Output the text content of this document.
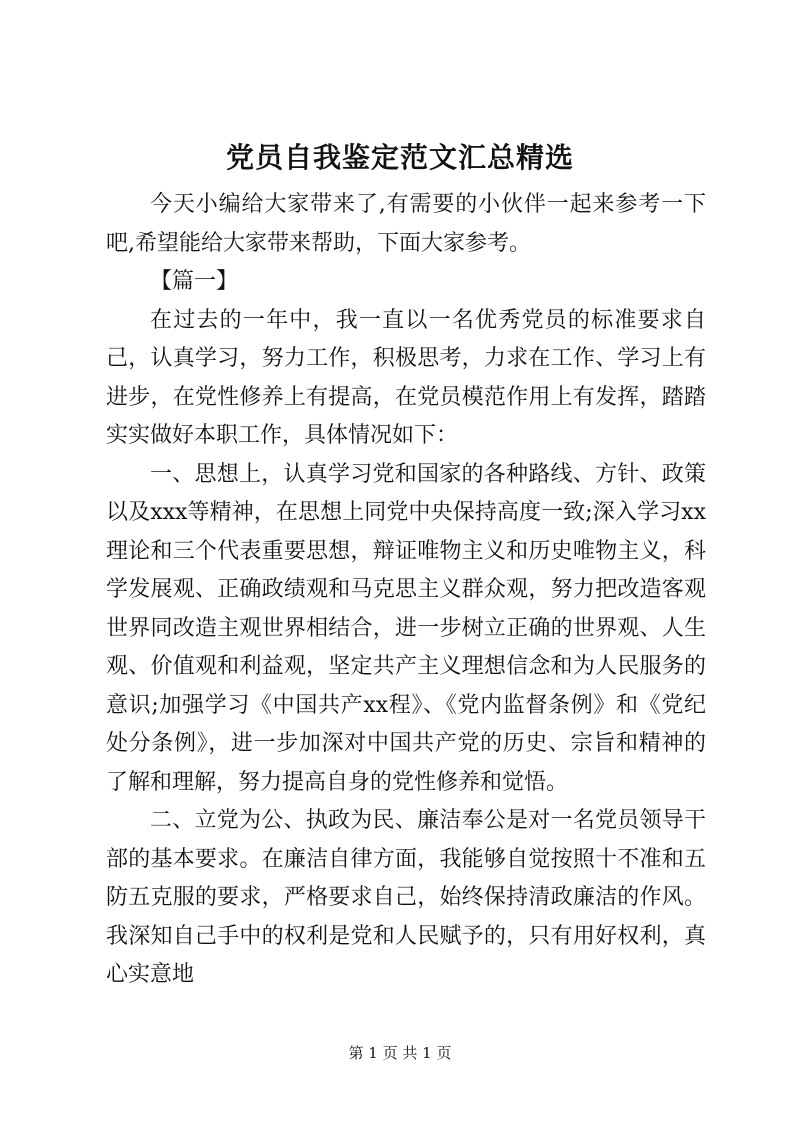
党员自我鉴定范文汇总精选

今天小编给大家带来了,有需要的小伙伴一起来参考一下吧,希望能给大家带来帮助，下面大家参考。

【篇一】

在过去的一年中，我一直以一名优秀党员的标准要求自己，认真学习，努力工作，积极思考，力求在工作、学习上有进步，在党性修养上有提高，在党员模范作用上有发挥，踏踏实实做好本职工作，具体情况如下：

一、思想上，认真学习党和国家的各种路线、方针、政策以及xxx等精神，在思想上同党中央保持高度一致;深入学习xx理论和三个代表重要思想，辩证唯物主义和历史唯物主义，科学发展观、正确政绩观和马克思主义群众观，努力把改造客观世界同改造主观世界相结合，进一步树立正确的世界观、人生观、价值观和利益观，坚定共产主义理想信念和为人民服务的意识;加强学习《中国共产xx程》、《党内监督条例》和《党纪处分条例》，进一步加深对中国共产党的历史、宗旨和精神的了解和理解，努力提高自身的党性修养和觉悟。

二、立党为公、执政为民、廉洁奉公是对一名党员领导干部的基本要求。在廉洁自律方面，我能够自觉按照十不准和五防五克服的要求，严格要求自己，始终保持清政廉洁的作风。我深知自己手中的权利是党和人民赋予的，只有用好权利，真心实意地

第 1 页 共 1 页
